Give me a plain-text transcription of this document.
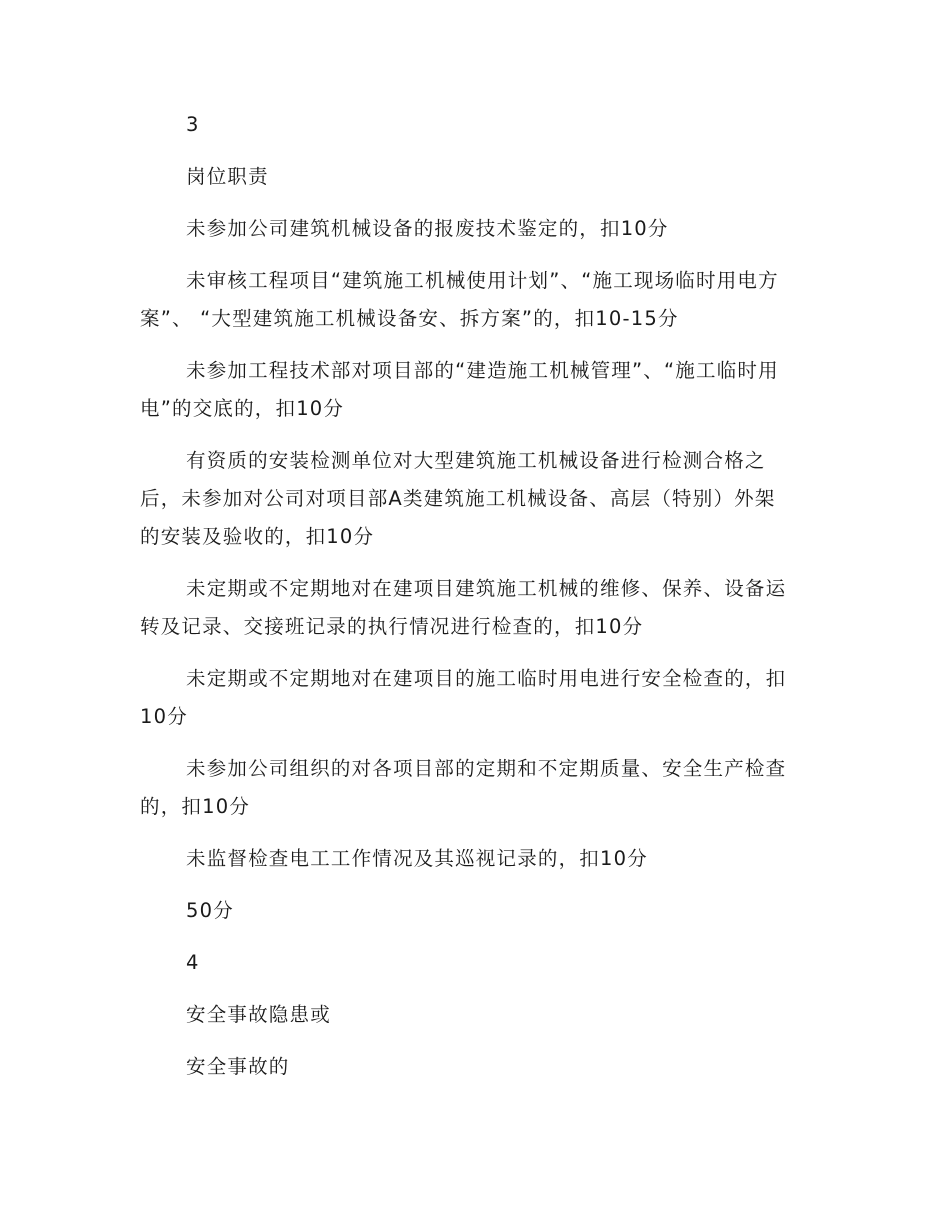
3

岗位职责

未参加公司建筑机械设备的报废技术鉴定的，扣10分

未审核工程项目“建筑施工机械使用计划”、“施工现场临时用电方案”、 “大型建筑施工机械设备安、拆方案”的，扣10-15分

未参加工程技术部对项目部的“建造施工机械管理”、“施工临时用电”的交底的，扣10分

有资质的安装检测单位对大型建筑施工机械设备进行检测合格之后，未参加对公司对项目部A类建筑施工机械设备、高层（特别）外架的安装及验收的，扣10分

未定期或不定期地对在建项目建筑施工机械的维修、保养、设备运转及记录、交接班记录的执行情况进行检查的，扣10分

未定期或不定期地对在建项目的施工临时用电进行安全检查的，扣10分

未参加公司组织的对各项目部的定期和不定期质量、安全生产检查的，扣10分

未监督检查电工工作情况及其巡视记录的，扣10分

50分

4

安全事故隐患或

安全事故的
